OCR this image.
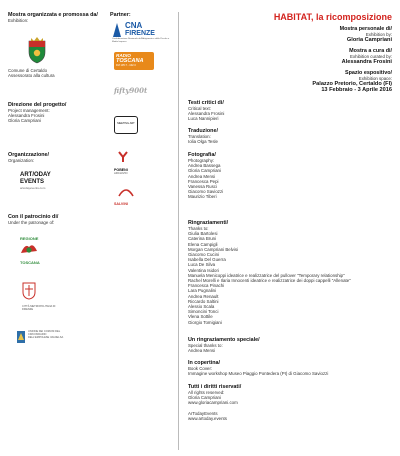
Mostra organizzata e promossa da/
Exhibition:
Comune di Certaldo
Assessorato alla cultura
Direzione del progetto/
Project management:
Alessandra Frosini
Gloria Campriani
Organizzazione/
Organization:
ART/ODAY EVENTS
artodayevents.com
Con il patrocinio di/
Under the patronage of:
REGIONE
TOSCANA
CITTÀ METROPOLITANA DI FIRENZE
UNIONE DEI COMUNI DEL CIRCONDARIO DELL'EMPOLESE VALDELSA
Partner:
CNA
FIRENZE
Confederazione Nazionale dell'Artigianato e della Piccola e Media Impresa
RADIO
TOSCANA
FM 105.7 - 102.3
fifty900t
MEETING ART
POBENI
ARCHIVIO
SALVINI
Testi critici di/
Critical text:
Alessandra Frosini
Luca Nannipieri
Traduzione/
Translation:
Iolia Olga Tesle
Fotografia/
Photography:
Andrea Bassega
Gloria Campriani
Andrea Mensi
Francesca Pepi
Vanessa Rusci
Giacomo Saviozzi
Maurizio Tiberi
Ringraziamenti/
Thanks to:
Giulia Bartolesi
Caterina Bruni
Elena Campigli
Morgan Campriani Belvisi
Giacomo Cucini
Isabella Del Guerra
Luca De Silva
Valentina Isidori
Manuela Menicoppi ideatrice e realizzatrice del pullover "Temporary relationship"
Rachel Morelli e Ilaria Innocenti ideatrice e realizzatrice dei doppi cappelli "Allenate"
Francesca Pinachi
Lara Pugnalini
Andrea Renault
Riccardo Saltini
Alessio Scala
Simoncini Tonci
Vlena Sottile
Giorgio Tomigiani
Un ringraziamento speciale/
Special thanks to:
Andrea Mensi
In copertina/
Book Cover:
Immagine workshop Museo Piaggio Pontedera (PI) di Giacomo Saviozzi
Tutti i diritti riservati/
All rights reserved:
Gloria Campriani
www.gloriacampriani.com
ArTodayEvents
www.artoday.events
HABITAT, la ricomposizione
Mostra personale di/
Exhibition by:
Gloria Campriani
Mostra a cura di/
Exhibition curated by:
Alessandra Frosini
Spazio espositivo/
Exhibition space:
Palazzo Pretorio, Certaldo (FI)
13 Febbraio - 3 Aprile 2016
